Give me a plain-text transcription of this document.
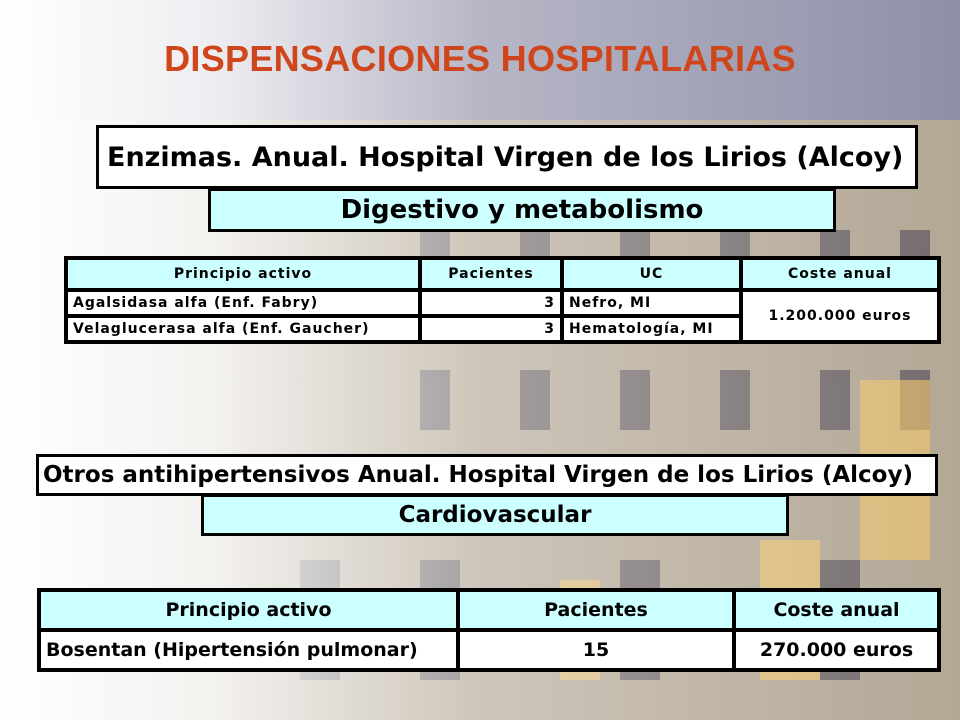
DISPENSACIONES HOSPITALARIAS
Enzimas. Anual. Hospital Virgen de los Lirios (Alcoy)
Digestivo y metabolismo
Principio activo	Pacientes	UC	Coste anual
Agalsidasa alfa (Enf. Fabry)	3	Nefro, MI	1.200.000 euros
Velaglucerasa alfa (Enf. Gaucher)	3	Hematología, MI	
Otros antihipertensivos Anual. Hospital Virgen de los Lirios (Alcoy)
Cardiovascular
Principio activo	Pacientes	Coste anual
Bosentan (Hipertensión pulmonar)	15	270.000 euros
